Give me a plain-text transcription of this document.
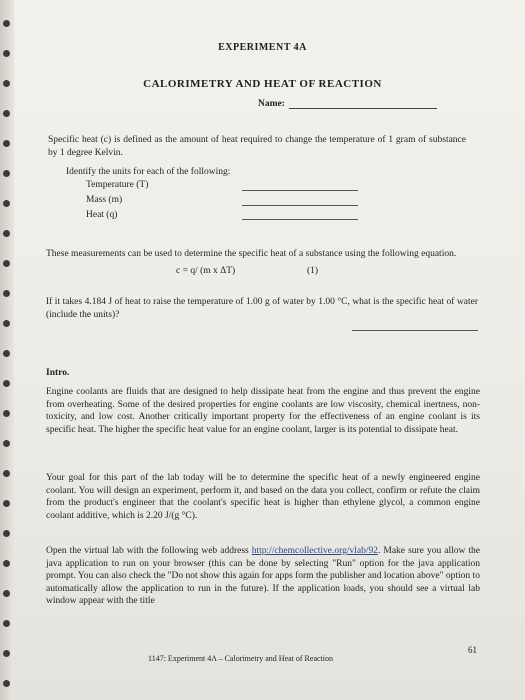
EXPERIMENT 4A
CALORIMETRY AND HEAT OF REACTION
Name:
Specific heat (c) is defined as the amount of heat required to change the temperature of 1 gram of substance by 1 degree Kelvin.
Identify the units for each of the following:
Temperature (T)
Mass (m)
Heat (q)
These measurements can be used to determine the specific heat of a substance using the following equation.
c = q/ (m x ΔT)	(1)
If it takes 4.184 J of heat to raise the temperature of 1.00 g of water by 1.00 °C, what is the specific heat of water (include the units)?
Intro.
Engine coolants are fluids that are designed to help dissipate heat from the engine and thus prevent the engine from overheating. Some of the desired properties for engine coolants are low viscosity, chemical inertness, non-toxicity, and low cost. Another critically important property for the effectiveness of an engine coolant is its specific heat. The higher the specific heat value for an engine coolant, larger is its potential to dissipate heat.
Your goal for this part of the lab today will be to determine the specific heat of a newly engineered engine coolant. You will design an experiment, perform it, and based on the data you collect, confirm or refute the claim from the product's engineer that the coolant's specific heat is higher than ethylene glycol, a common engine coolant additive, which is 2.20 J/(g °C).
Open the virtual lab with the following web address http://chemcollective.org/vlab/92. Make sure you allow the java application to run on your browser (this can be done by selecting "Run" option for the java application prompt. You can also check the "Do not show this again for apps form the publisher and location above" option to automatically allow the application to run in the future). If the application loads, you should see a virtual lab window appear with the title
61
1147: Experiment 4A – Calorimetry and Heat of Reaction
